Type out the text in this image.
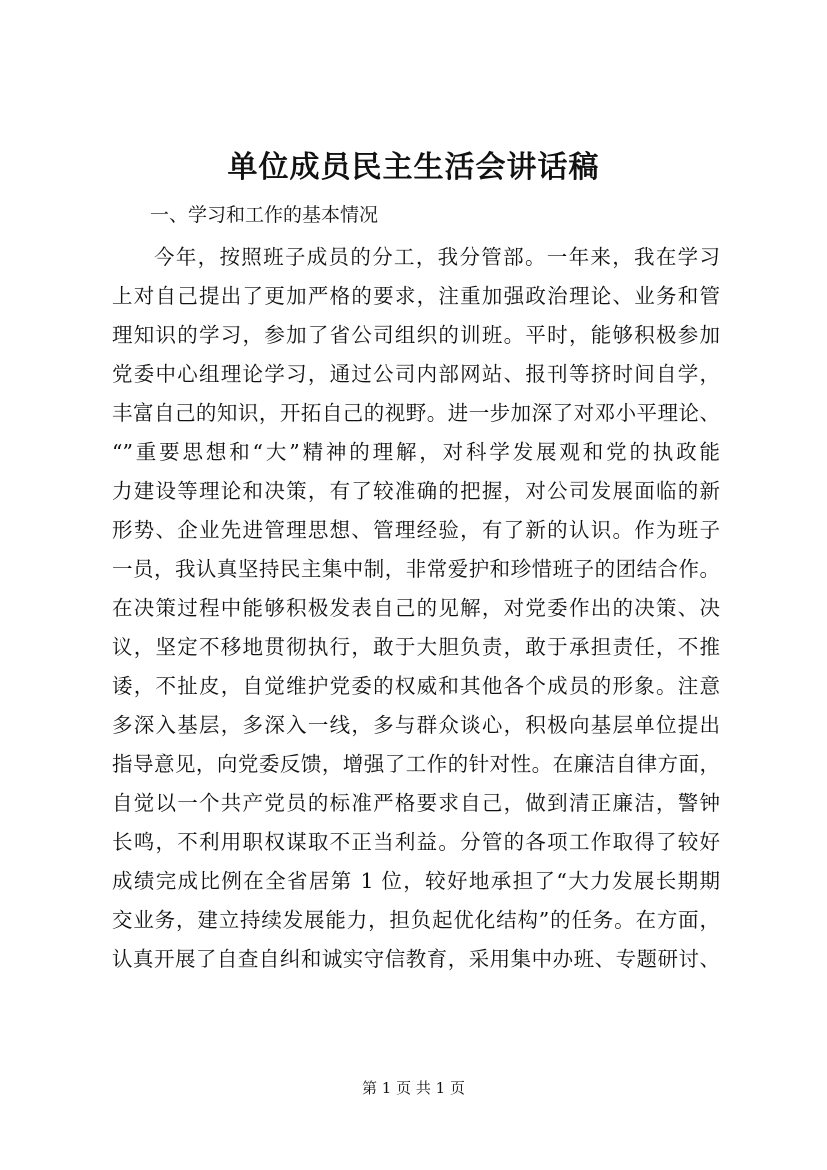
单位成员民主生活会讲话稿
一、学习和工作的基本情况
今年，按照班子成员的分工，我分管部。一年来，我在学习
上对自己提出了更加严格的要求，注重加强政治理论、业务和管
理知识的学习，参加了省公司组织的训班。平时，能够积极参加
党委中心组理论学习，通过公司内部网站、报刊等挤时间自学，
丰富自己的知识，开拓自己的视野。进一步加深了对邓小平理论、
“”重要思想和“大”精神的理解，对科学发展观和党的执政能
力建设等理论和决策，有了较准确的把握，对公司发展面临的新
形势、企业先进管理思想、管理经验，有了新的认识。作为班子
一员，我认真坚持民主集中制，非常爱护和珍惜班子的团结合作。
在决策过程中能够积极发表自己的见解，对党委作出的决策、决
议，坚定不移地贯彻执行，敢于大胆负责，敢于承担责任，不推
诿，不扯皮，自觉维护党委的权威和其他各个成员的形象。注意
多深入基层，多深入一线，多与群众谈心，积极向基层单位提出
指导意见，向党委反馈，增强了工作的针对性。在廉洁自律方面，
自觉以一个共产党员的标准严格要求自己，做到清正廉洁，警钟
长鸣，不利用职权谋取不正当利益。分管的各项工作取得了较好
成绩完成比例在全省居第 1 位，较好地承担了“大力发展长期期
交业务，建立持续发展能力，担负起优化结构”的任务。在方面，
认真开展了自查自纠和诚实守信教育，采用集中办班、专题研讨、
第 1 页 共 1 页
